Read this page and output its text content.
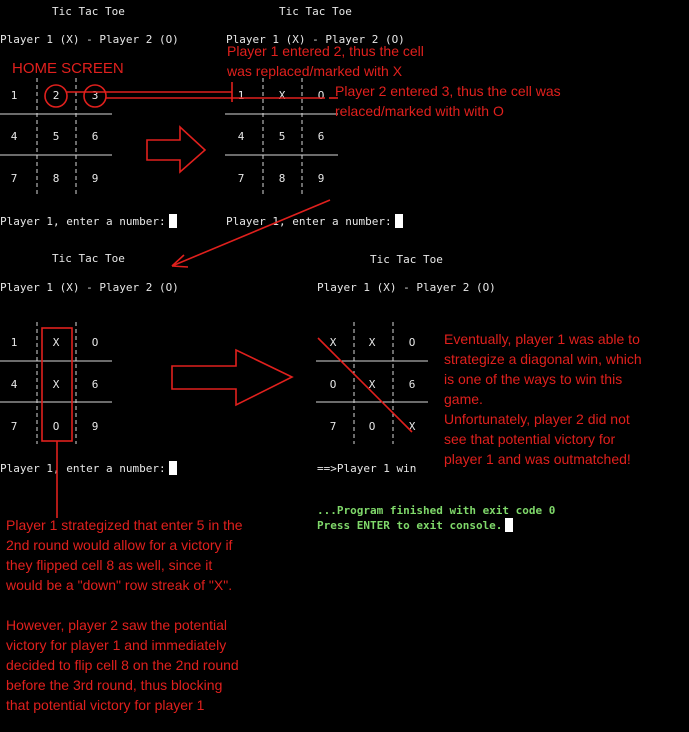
Tic Tac Toe
Player 1 (X) - Player 2 (O)
1	2	3
4	5	6
7	8	9
Player 1, enter a number:
Tic Tac Toe
Player 1 (X) - Player 2 (O)
1	X	O
4	5	6
7	8	9
Player 1, enter a number:
Tic Tac Toe
Player 1 (X) - Player 2 (O)
1	X	O
4	X	6
7	O	9
Player 1, enter a number:
Tic Tac Toe
Player 1 (X) - Player 2 (O)
X	X	O
O	X	6
7	O	X
==>Player 1 win
...Program finished with exit code 0
Press ENTER to exit console.
HOME SCREEN
Player 1 entered 2, thus the cell
was replaced/marked with X
Player 2 entered 3, thus the cell was
relaced/marked with with O
Eventually, player 1 was able to
strategize a diagonal win, which
is one of the ways to win this
game.
Unfortunately, player 2 did not
see that potential victory for
player 1 and was outmatched!
Player 1 strategized that enter 5 in the
2nd round would allow for a victory if
they flipped cell 8 as well, since it
would be a "down" row streak of "X".
However, player 2 saw the potential
victory for player 1 and immediately
decided to flip cell 8 on the 2nd round
before the 3rd round, thus blocking
that potential victory for player 1
